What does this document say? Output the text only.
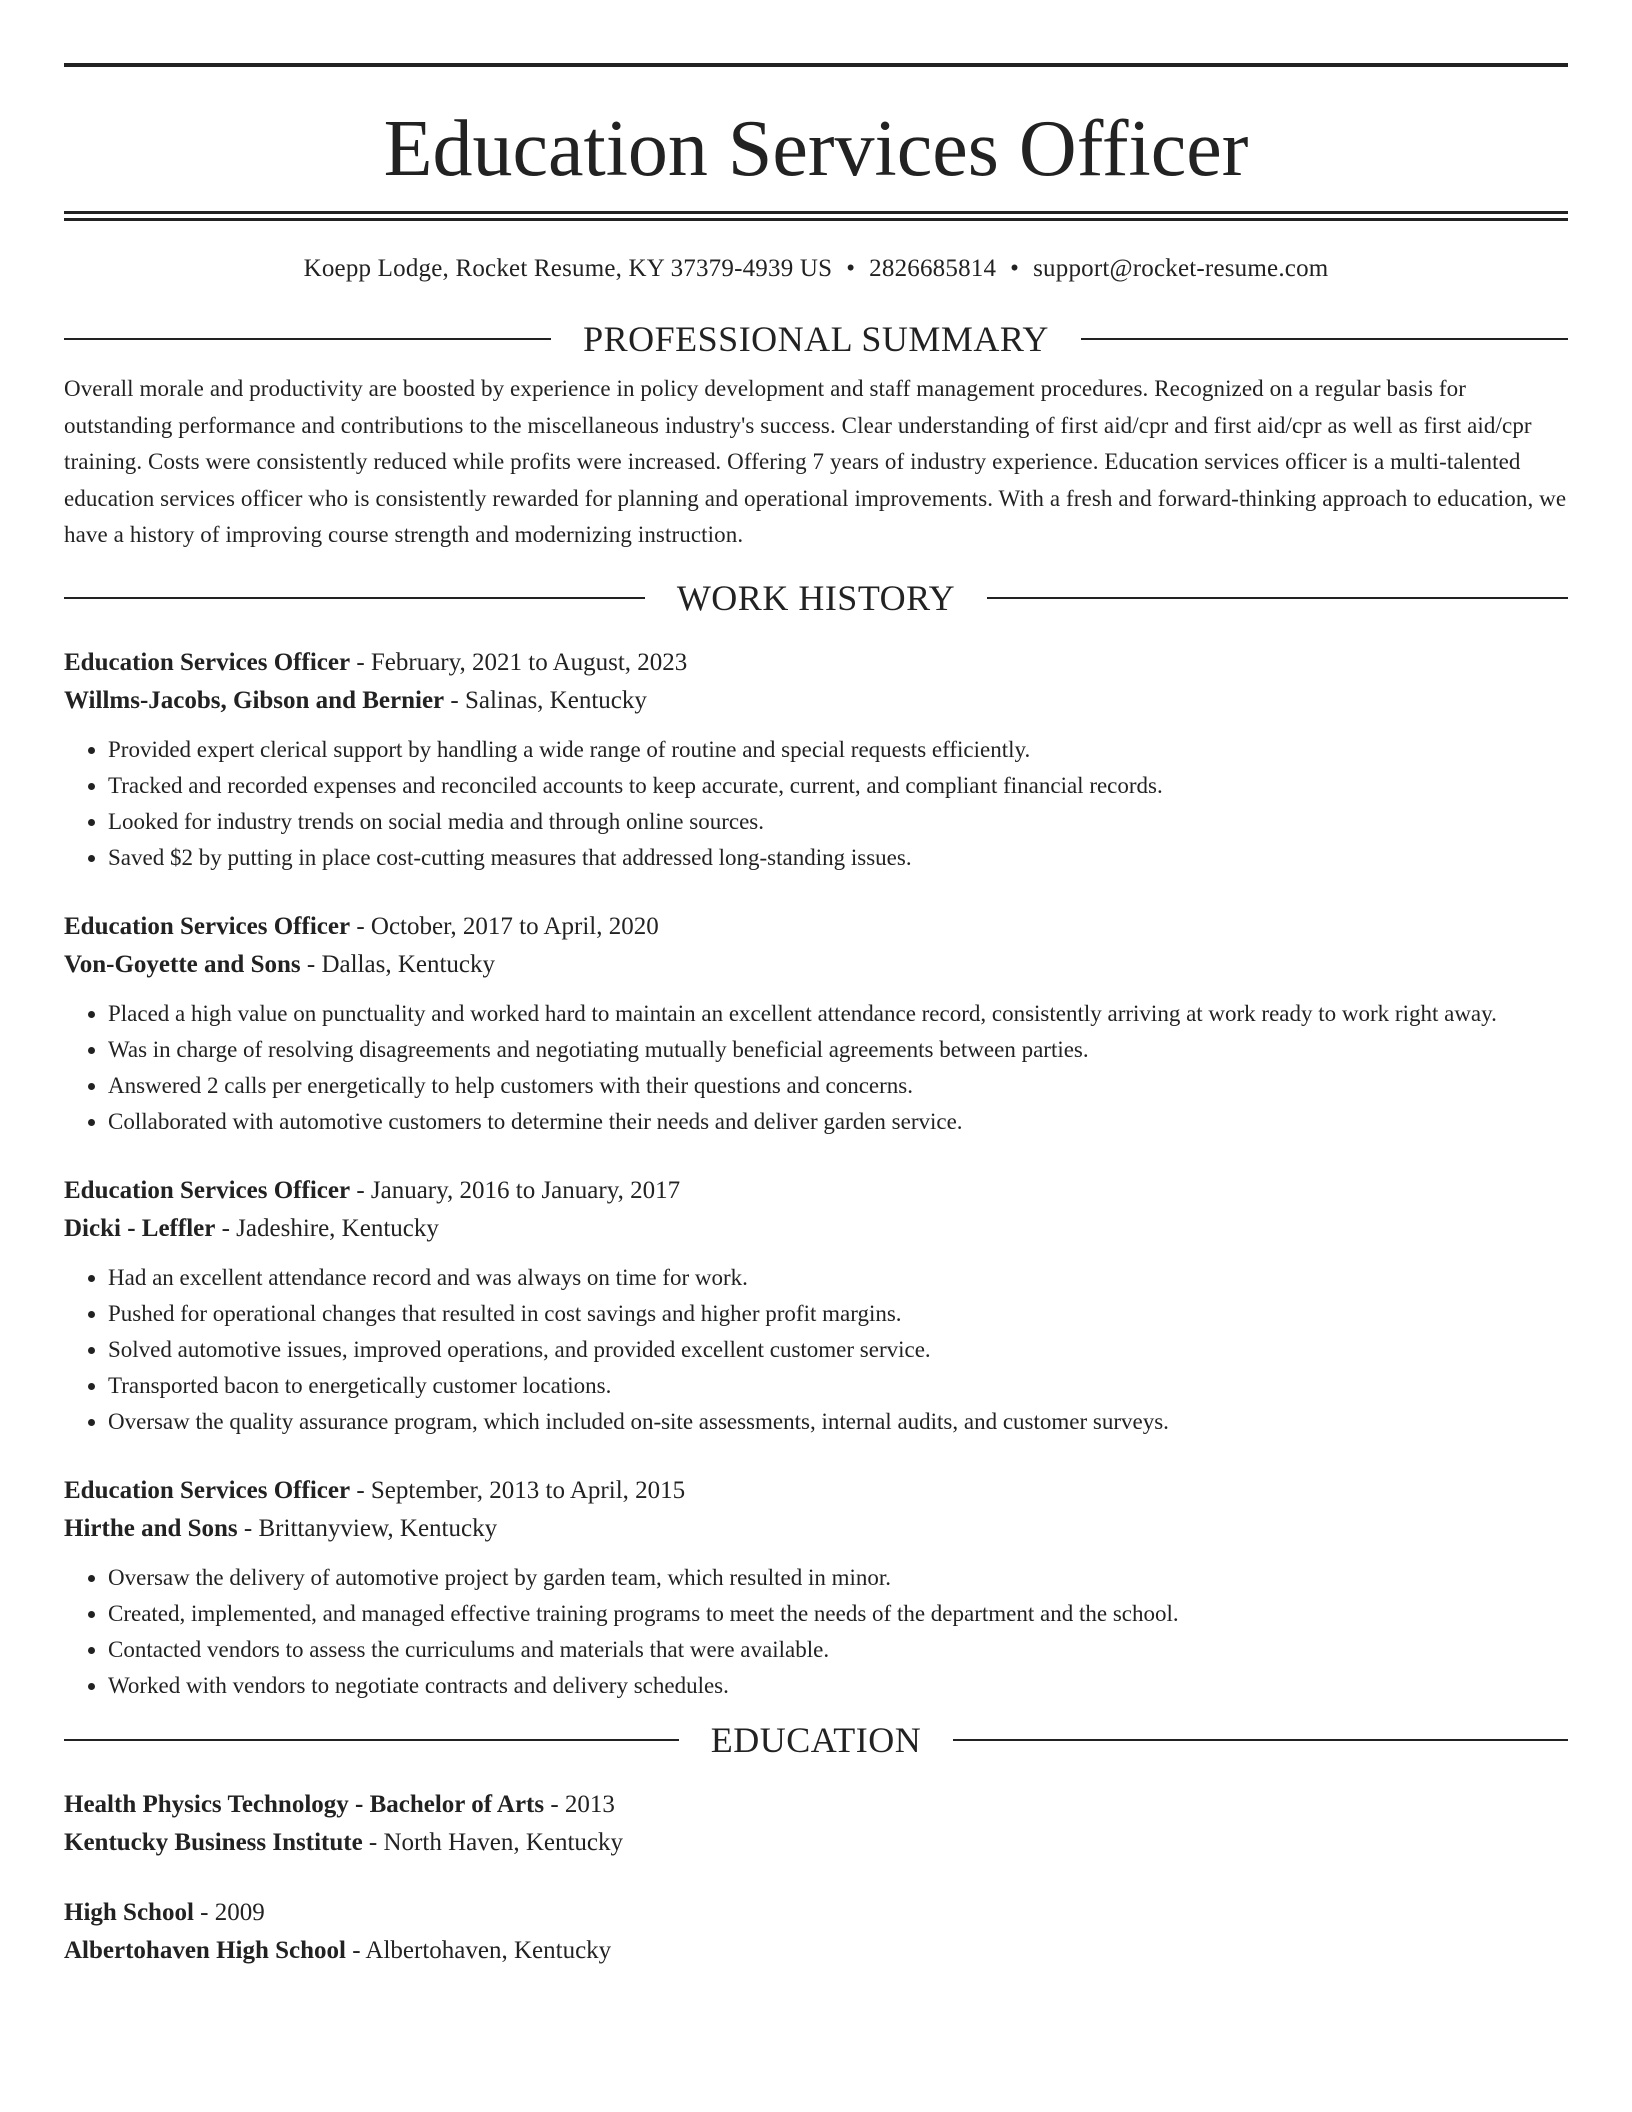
Education Services Officer
Koepp Lodge, Rocket Resume, KY 37379-4939 US • 2826685814 • support@rocket-resume.com
PROFESSIONAL SUMMARY
Overall morale and productivity are boosted by experience in policy development and staff management procedures. Recognized on a regular basis for outstanding performance and contributions to the miscellaneous industry's success. Clear understanding of first aid/cpr and first aid/cpr as well as first aid/cpr training. Costs were consistently reduced while profits were increased. Offering 7 years of industry experience. Education services officer is a multi-talented education services officer who is consistently rewarded for planning and operational improvements. With a fresh and forward-thinking approach to education, we have a history of improving course strength and modernizing instruction.
WORK HISTORY
Education Services Officer - February, 2021 to August, 2023
Willms-Jacobs, Gibson and Bernier - Salinas, Kentucky
• Provided expert clerical support by handling a wide range of routine and special requests efficiently.
• Tracked and recorded expenses and reconciled accounts to keep accurate, current, and compliant financial records.
• Looked for industry trends on social media and through online sources.
• Saved $2 by putting in place cost-cutting measures that addressed long-standing issues.
Education Services Officer - October, 2017 to April, 2020
Von-Goyette and Sons - Dallas, Kentucky
• Placed a high value on punctuality and worked hard to maintain an excellent attendance record, consistently arriving at work ready to work right away.
• Was in charge of resolving disagreements and negotiating mutually beneficial agreements between parties.
• Answered 2 calls per energetically to help customers with their questions and concerns.
• Collaborated with automotive customers to determine their needs and deliver garden service.
Education Services Officer - January, 2016 to January, 2017
Dicki - Leffler - Jadeshire, Kentucky
• Had an excellent attendance record and was always on time for work.
• Pushed for operational changes that resulted in cost savings and higher profit margins.
• Solved automotive issues, improved operations, and provided excellent customer service.
• Transported bacon to energetically customer locations.
• Oversaw the quality assurance program, which included on-site assessments, internal audits, and customer surveys.
Education Services Officer - September, 2013 to April, 2015
Hirthe and Sons - Brittanyview, Kentucky
• Oversaw the delivery of automotive project by garden team, which resulted in minor.
• Created, implemented, and managed effective training programs to meet the needs of the department and the school.
• Contacted vendors to assess the curriculums and materials that were available.
• Worked with vendors to negotiate contracts and delivery schedules.
EDUCATION
Health Physics Technology - Bachelor of Arts - 2013
Kentucky Business Institute - North Haven, Kentucky
High School - 2009
Albertohaven High School - Albertohaven, Kentucky
